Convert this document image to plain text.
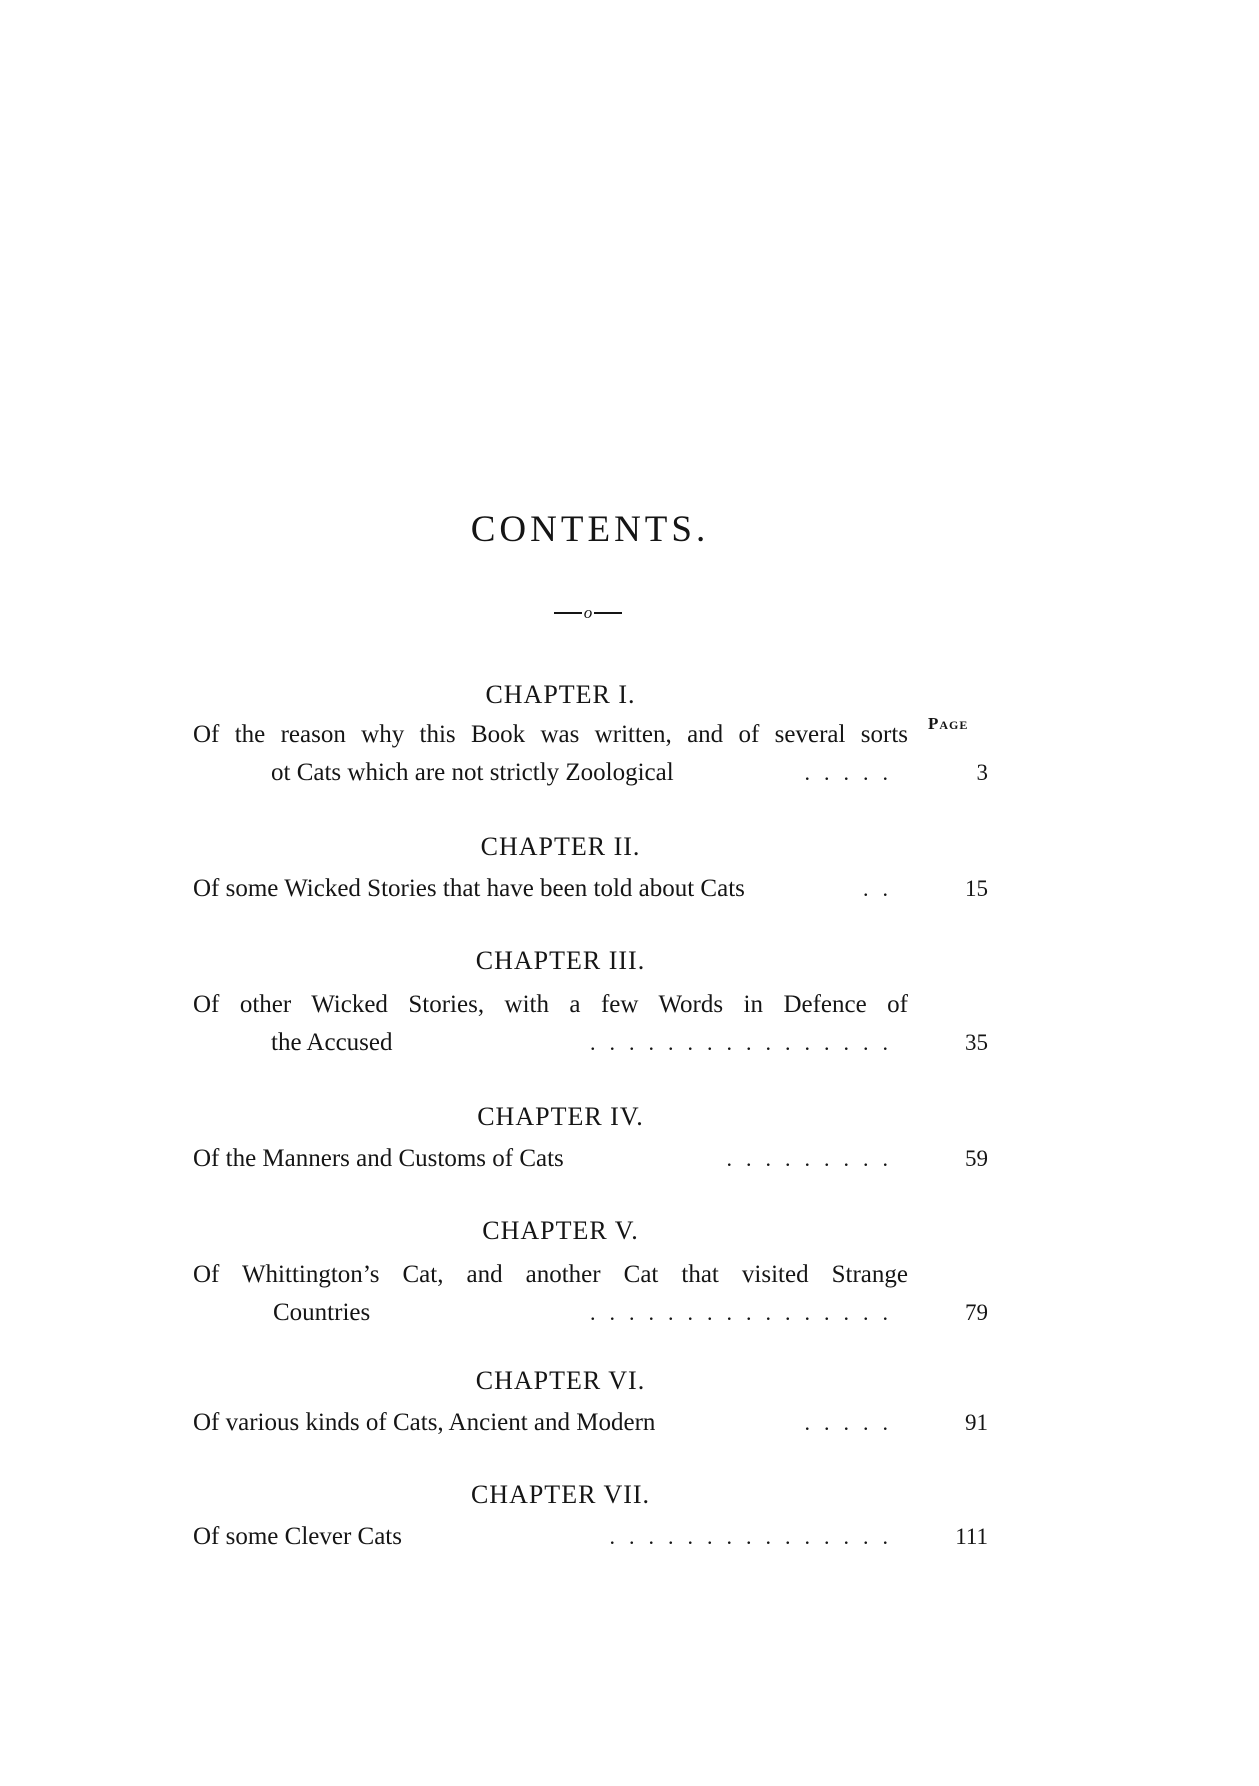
CONTENTS.
o
Page
CHAPTER I.
Of the reason why this Book was written, and of several sorts
ot Cats which are not strictly Zoological	.....	3
CHAPTER II.
Of some Wicked Stories that have been told about Cats	..	15
CHAPTER III.
Of other Wicked Stories, with a few Words in Defence of
the Accused	................	35
CHAPTER IV.
Of the Manners and Customs of Cats	.........	59
CHAPTER V.
Of Whittington’s Cat, and another Cat that visited Strange
Countries	................	79
CHAPTER VI.
Of various kinds of Cats, Ancient and Modern	.....	91
CHAPTER VII.
Of some Clever Cats	...............	111
